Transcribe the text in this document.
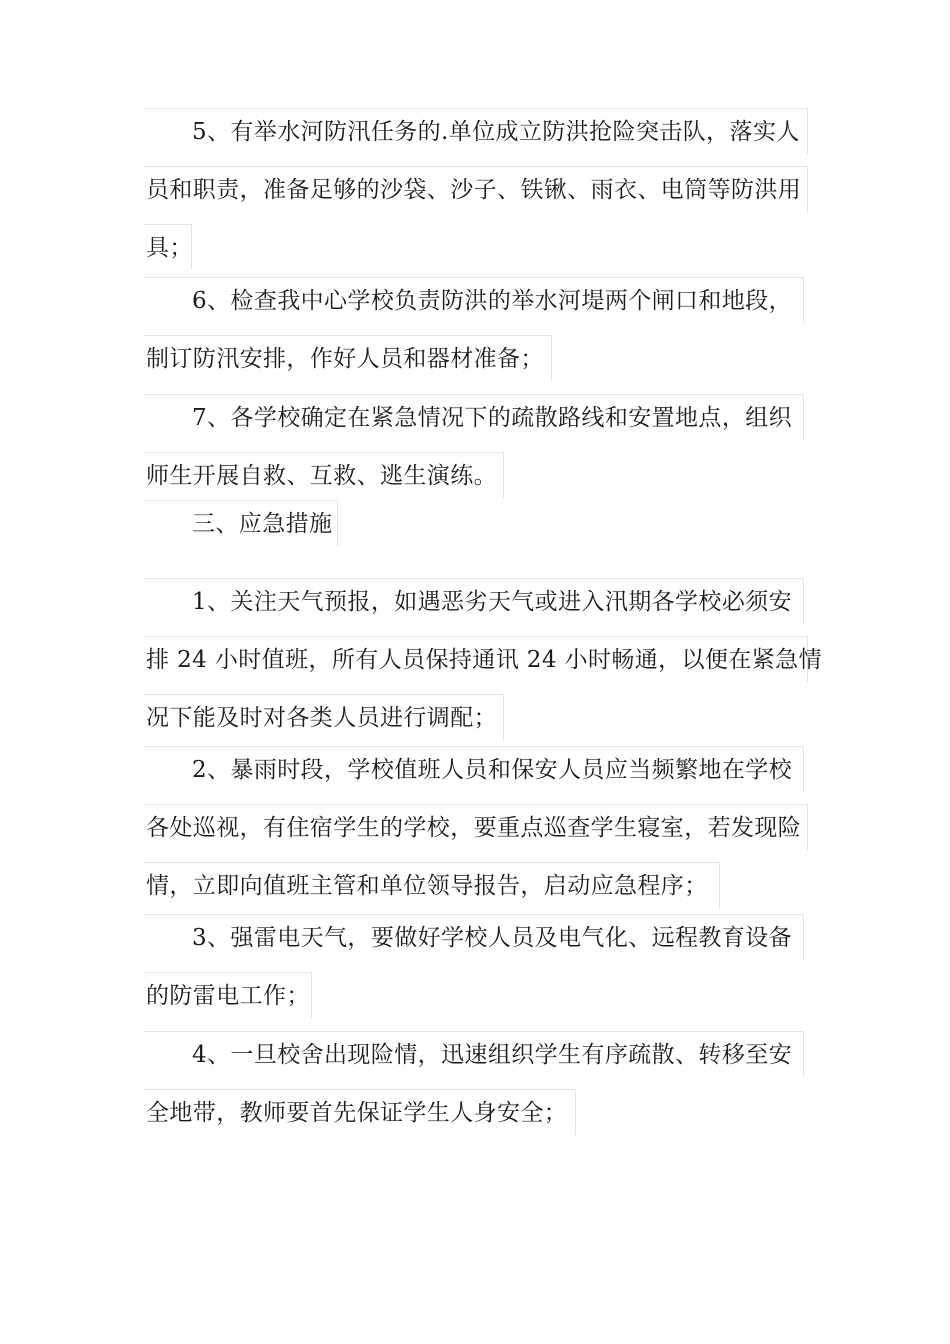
5、有举水河防汛任务的.单位成立防洪抢险突击队，落实人
员和职责，准备足够的沙袋、沙子、铁锹、雨衣、电筒等防洪用
具；
6、检查我中心学校负责防洪的举水河堤两个闸口和地段，
制订防汛安排，作好人员和器材准备；
7、各学校确定在紧急情况下的疏散路线和安置地点，组织
师生开展自救、互救、逃生演练。
三、应急措施
1、关注天气预报，如遇恶劣天气或进入汛期各学校必须安
排 24 小时值班，所有人员保持通讯 24 小时畅通，以便在紧急情
况下能及时对各类人员进行调配；
2、暴雨时段，学校值班人员和保安人员应当频繁地在学校
各处巡视，有住宿学生的学校，要重点巡查学生寝室，若发现险
情，立即向值班主管和单位领导报告，启动应急程序；
3、强雷电天气，要做好学校人员及电气化、远程教育设备
的防雷电工作；
4、一旦校舍出现险情，迅速组织学生有序疏散、转移至安
全地带，教师要首先保证学生人身安全；
